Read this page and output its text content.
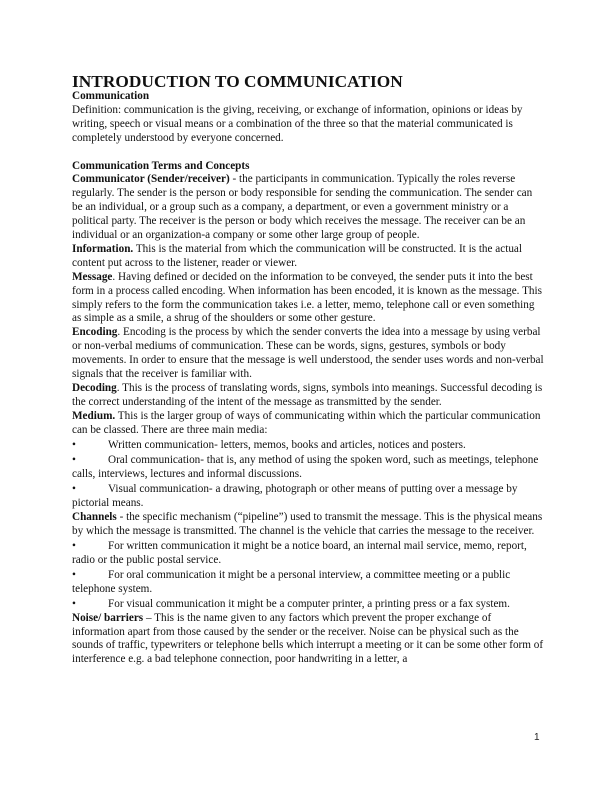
INTRODUCTION TO COMMUNICATION
Communication

Definition: communication is the giving, receiving, or exchange of information, opinions or ideas by writing, speech or visual means or a combination of the three so that the material communicated is completely understood by everyone concerned.

Communication Terms and Concepts

Communicator (Sender/receiver) - the participants in communication. Typically the roles reverse regularly. The sender is the person or body responsible for sending the communication. The sender can be an individual, or a group such as a company, a department, or even a government ministry or a political party. The receiver is the person or body which receives the message. The receiver can be an individual or an organization-a company or some other large group of people.

Information. This is the material from which the communication will be constructed. It is the actual content put across to the listener, reader or viewer.

Message. Having defined or decided on the information to be conveyed, the sender puts it into the best form in a process called encoding. When information has been encoded, it is known as the message. This simply refers to the form the communication takes i.e. a letter, memo, telephone call or even something as simple as a smile, a shrug of the shoulders or some other gesture.

Encoding. Encoding is the process by which the sender converts the idea into a message by using verbal or non-verbal mediums of communication. These can be words, signs, gestures, symbols or body movements. In order to ensure that the message is well understood, the sender uses words and non-verbal signals that the receiver is familiar with.

Decoding. This is the process of translating words, signs, symbols into meanings. Successful decoding is the correct understanding of the intent of the message as transmitted by the sender.

Medium. This is the larger group of ways of communicating within which the particular communication can be classed. There are three main media:

•	Written communication- letters, memos, books and articles, notices and posters.

•	Oral communication- that is, any method of using the spoken word, such as meetings, telephone calls, interviews, lectures and informal discussions.

•	Visual communication- a drawing, photograph or other means of putting over a message by pictorial means.

Channels - the specific mechanism (“pipeline”) used to transmit the message. This is the physical means by which the message is transmitted. The channel is the vehicle that carries the message to the receiver.

•	For written communication it might be a notice board, an internal mail service, memo, report, radio or the public postal service.

•	For oral communication it might be a personal interview, a committee meeting or a public telephone system.

•	For visual communication it might be a computer printer, a printing press or a fax system.

Noise/ barriers – This is the name given to any factors which prevent the proper exchange of information apart from those caused by the sender or the receiver. Noise can be physical such as the sounds of traffic, typewriters or telephone bells which interrupt a meeting or it can be some other form of interference e.g. a bad telephone connection, poor handwriting in a letter, a

1
